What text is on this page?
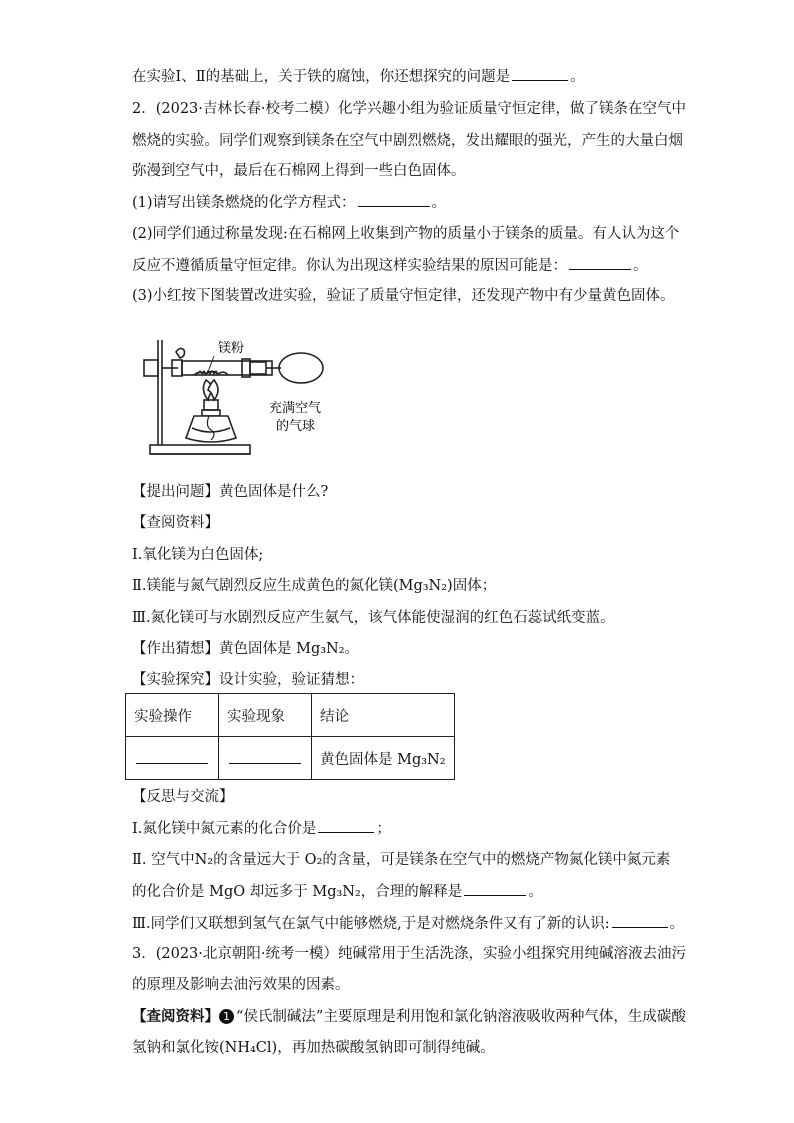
在实验Ⅰ、Ⅱ的基础上，关于铁的腐蚀，你还想探究的问题是	。
2．(2023·吉林长春·校考二模）化学兴趣小组为验证质量守恒定律，做了镁条在空气中
燃烧的实验。同学们观察到镁条在空气中剧烈燃烧，发出耀眼的强光，产生的大量白烟
弥漫到空气中，最后在石棉网上得到一些白色固体。
(1)请写出镁条燃烧的化学方程式：	。
(2)同学们通过称量发现:在石棉网上收集到产物的质量小于镁条的质量。有人认为这个
反应不遵循质量守恒定律。你认为出现这样实验结果的原因可能是：	。
(3)小红按下图装置改进实验，验证了质量守恒定律，还发现产物中有少量黄色固体。
镁粉
充满空气
的气球
【提出问题】黄色固体是什么?
【查阅资料】
Ⅰ.氧化镁为白色固体;
Ⅱ.镁能与氮气剧烈反应生成黄色的氮化镁(Mg₃N₂)固体；
Ⅲ.氮化镁可与水剧烈反应产生氨气，该气体能使湿润的红色石蕊试纸变蓝。
【作出猜想】黄色固体是 Mg₃N₂。
【实验探究】设计实验，验证猜想：
实验操作	实验现象	结论
		黄色固体是 Mg₃N₂
【反思与交流】
Ⅰ.氮化镁中氮元素的化合价是	；
Ⅱ. 空气中N₂的含量远大于 O₂的含量，可是镁条在空气中的燃烧产物氮化镁中氮元素
的化合价是 MgO 却远多于 Mg₃N₂，合理的解释是	。
Ⅲ.同学们又联想到氢气在氯气中能够燃烧,于是对燃烧条件又有了新的认识:	。
3．(2023·北京朝阳·统考一模）纯碱常用于生活洗涤，实验小组探究用纯碱溶液去油污
的原理及影响去油污效果的因素。
【查阅资料】 1 “侯氏制碱法”主要原理是利用饱和氯化钠溶液吸收两种气体，生成碳酸
氢钠和氯化铵(NH₄Cl)，再加热碳酸氢钠即可制得纯碱。
